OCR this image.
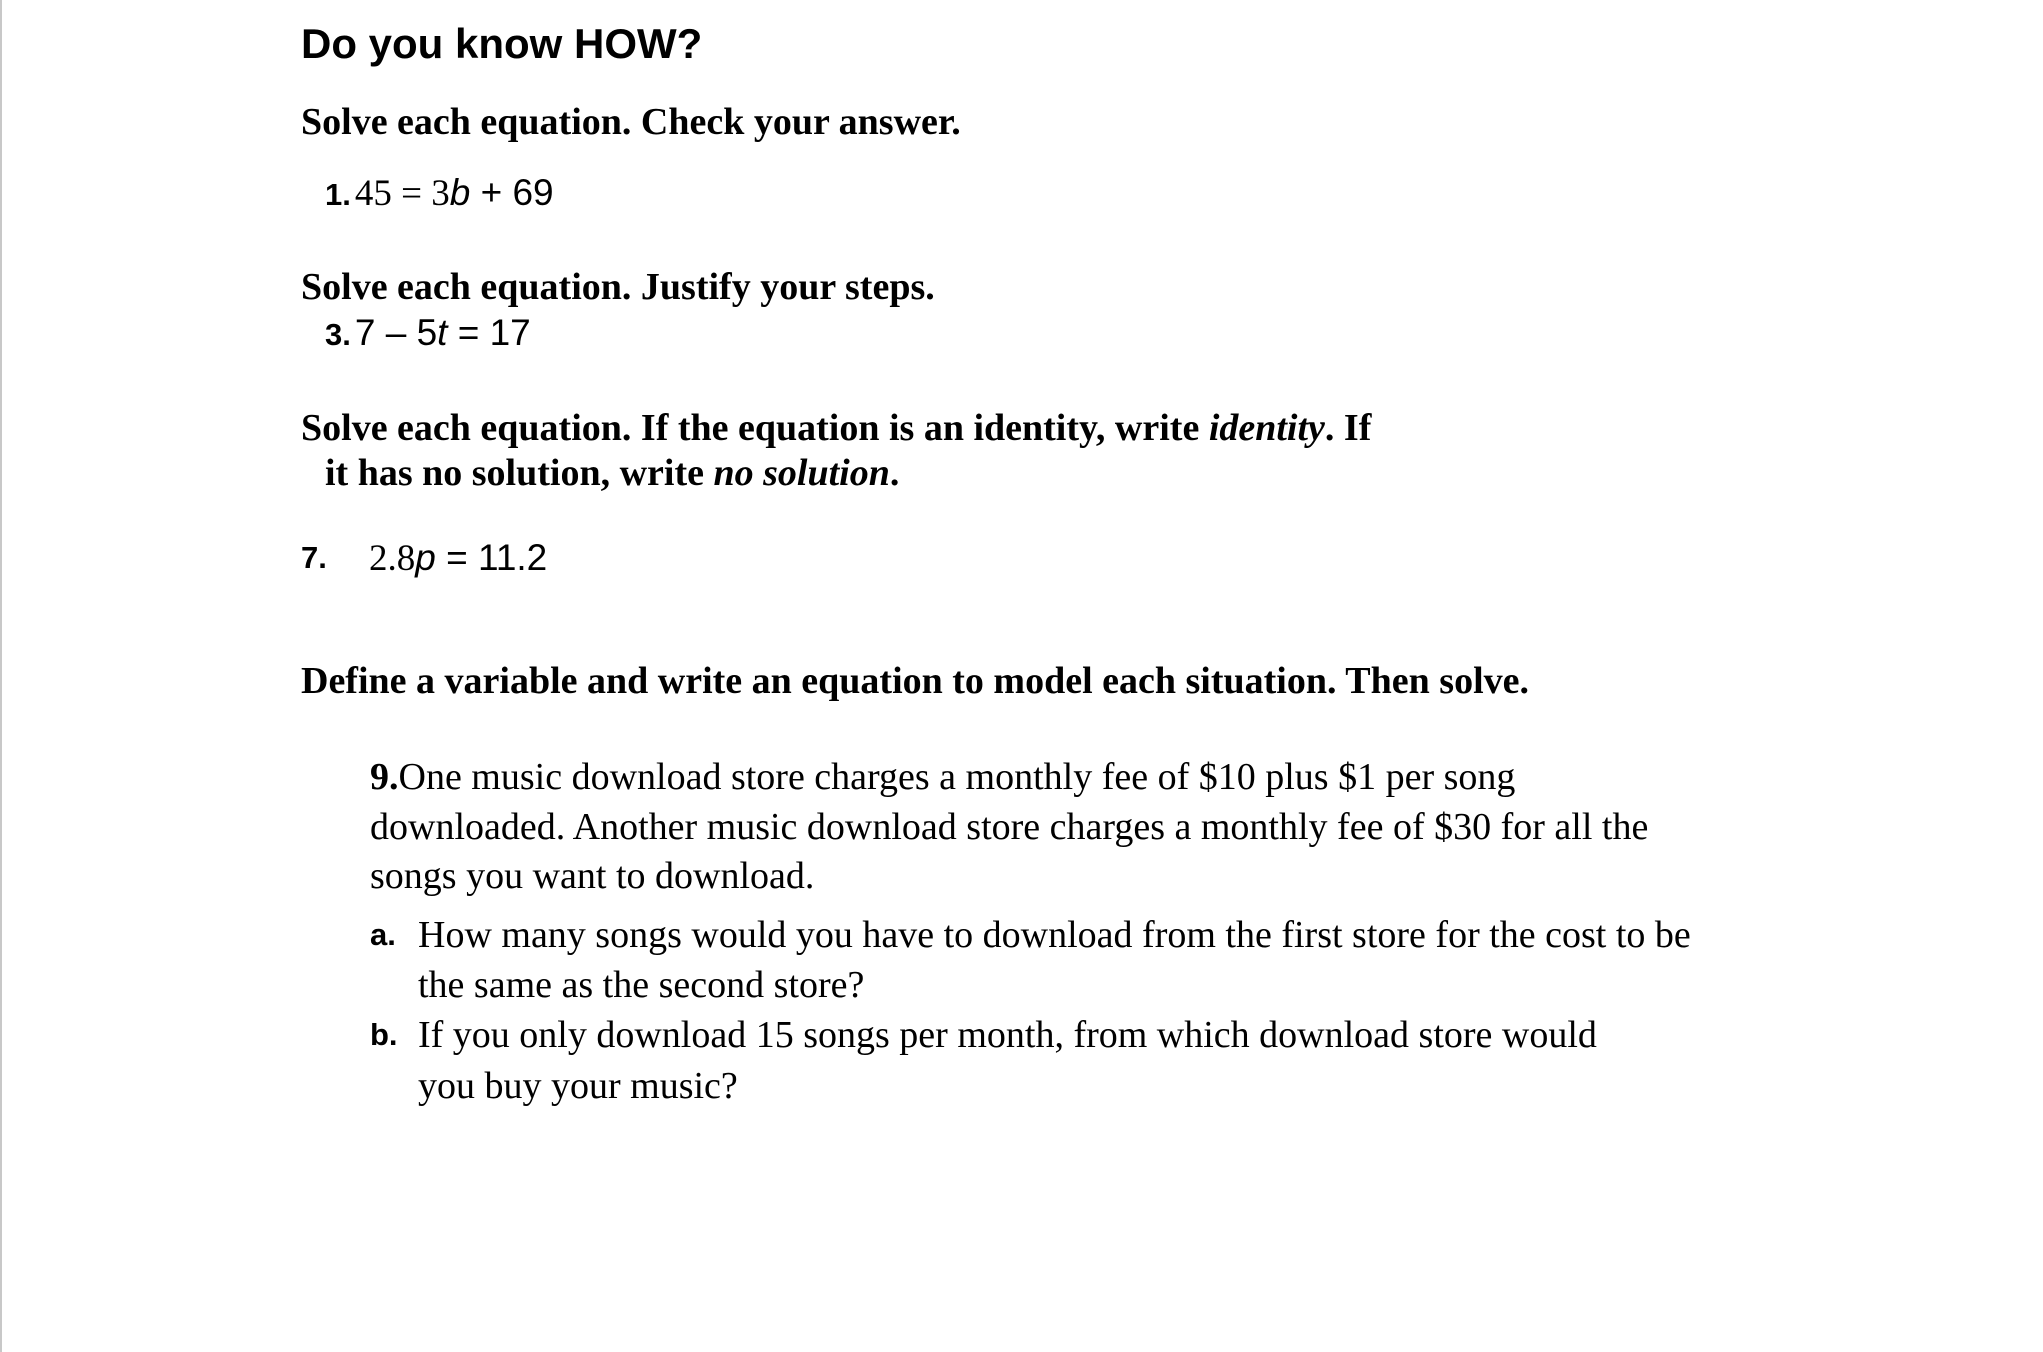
Do you know HOW?
Solve each equation. Check your answer.
1. 45 = 3b + 69
Solve each equation. Justify your steps.
3. 7 – 5t = 17
Solve each equation. If the equation is an identity, write identity. If
it has no solution, write no solution.
7. 2.8p = 11.2
Define a variable and write an equation to model each situation. Then solve.
9.One music download store charges a monthly fee of $10 plus $1 per song
downloaded. Another music download store charges a monthly fee of $30 for all the
songs you want to download.
a. How many songs would you have to download from the first store for the cost to be
the same as the second store?
b. If you only download 15 songs per month, from which download store would
you buy your music?
